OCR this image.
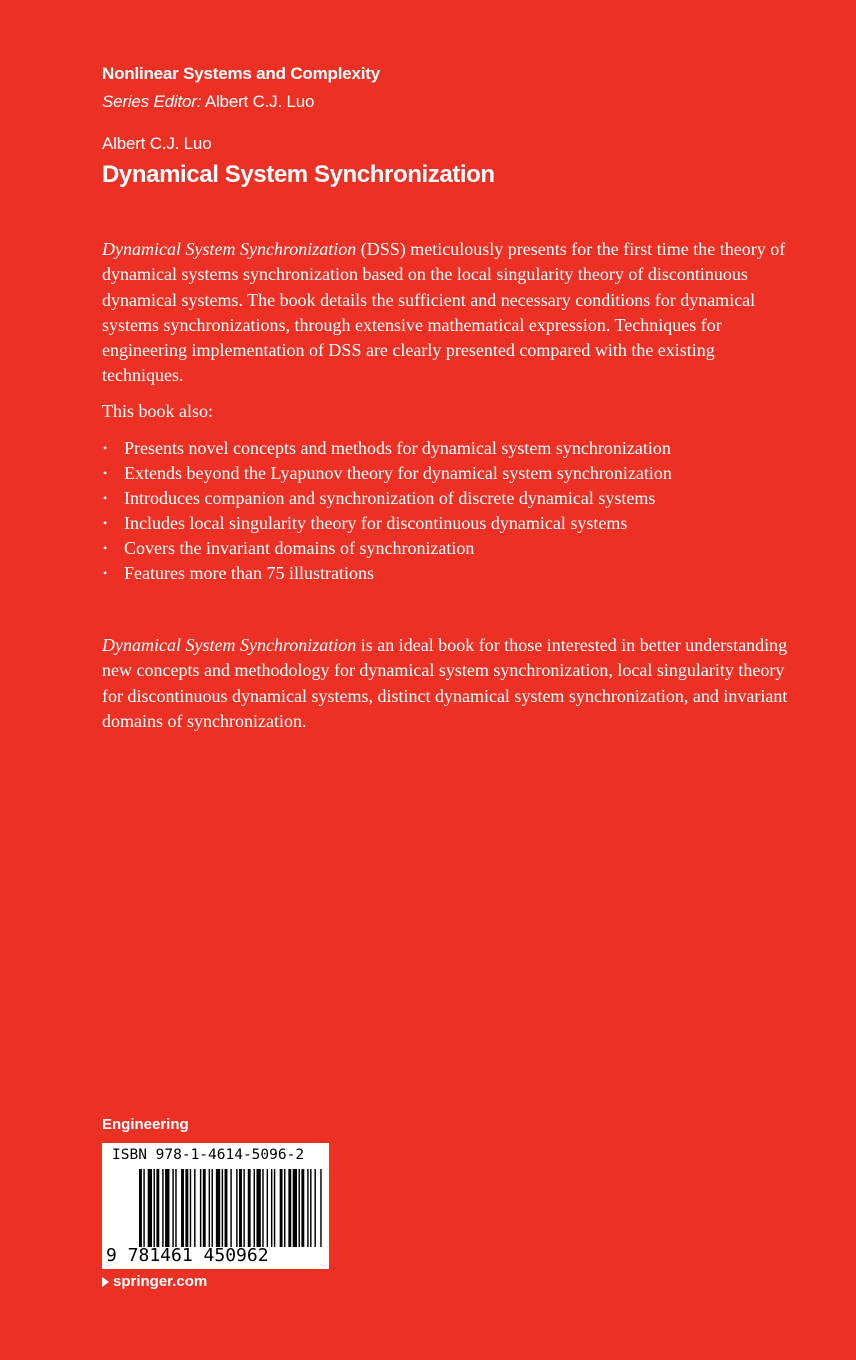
Nonlinear Systems and Complexity
Series Editor: Albert C.J. Luo
Albert C.J. Luo
Dynamical System Synchronization

Dynamical System Synchronization (DSS) meticulously presents for the first time the theory of dynamical systems synchronization based on the local singularity theory of discontinuous dynamical systems. The book details the sufficient and necessary conditions for dynamical systems synchronizations, through extensive mathematical expression. Techniques for engineering implementation of DSS are clearly presented compared with the existing techniques.

This book also:

• Presents novel concepts and methods for dynamical system synchronization
• Extends beyond the Lyapunov theory for dynamical system synchronization
• Introduces companion and synchronization of discrete dynamical systems
• Includes local singularity theory for discontinuous dynamical systems
• Covers the invariant domains of synchronization
• Features more than 75 illustrations

Dynamical System Synchronization is an ideal book for those interested in better understanding new concepts and methodology for dynamical system synchronization, local singularity theory for discontinuous dynamical systems, distinct dynamical system synchronization, and invariant domains of synchronization.

Engineering
ISBN 978-1-4614-5096-2
9 781461 450962
springer.com
